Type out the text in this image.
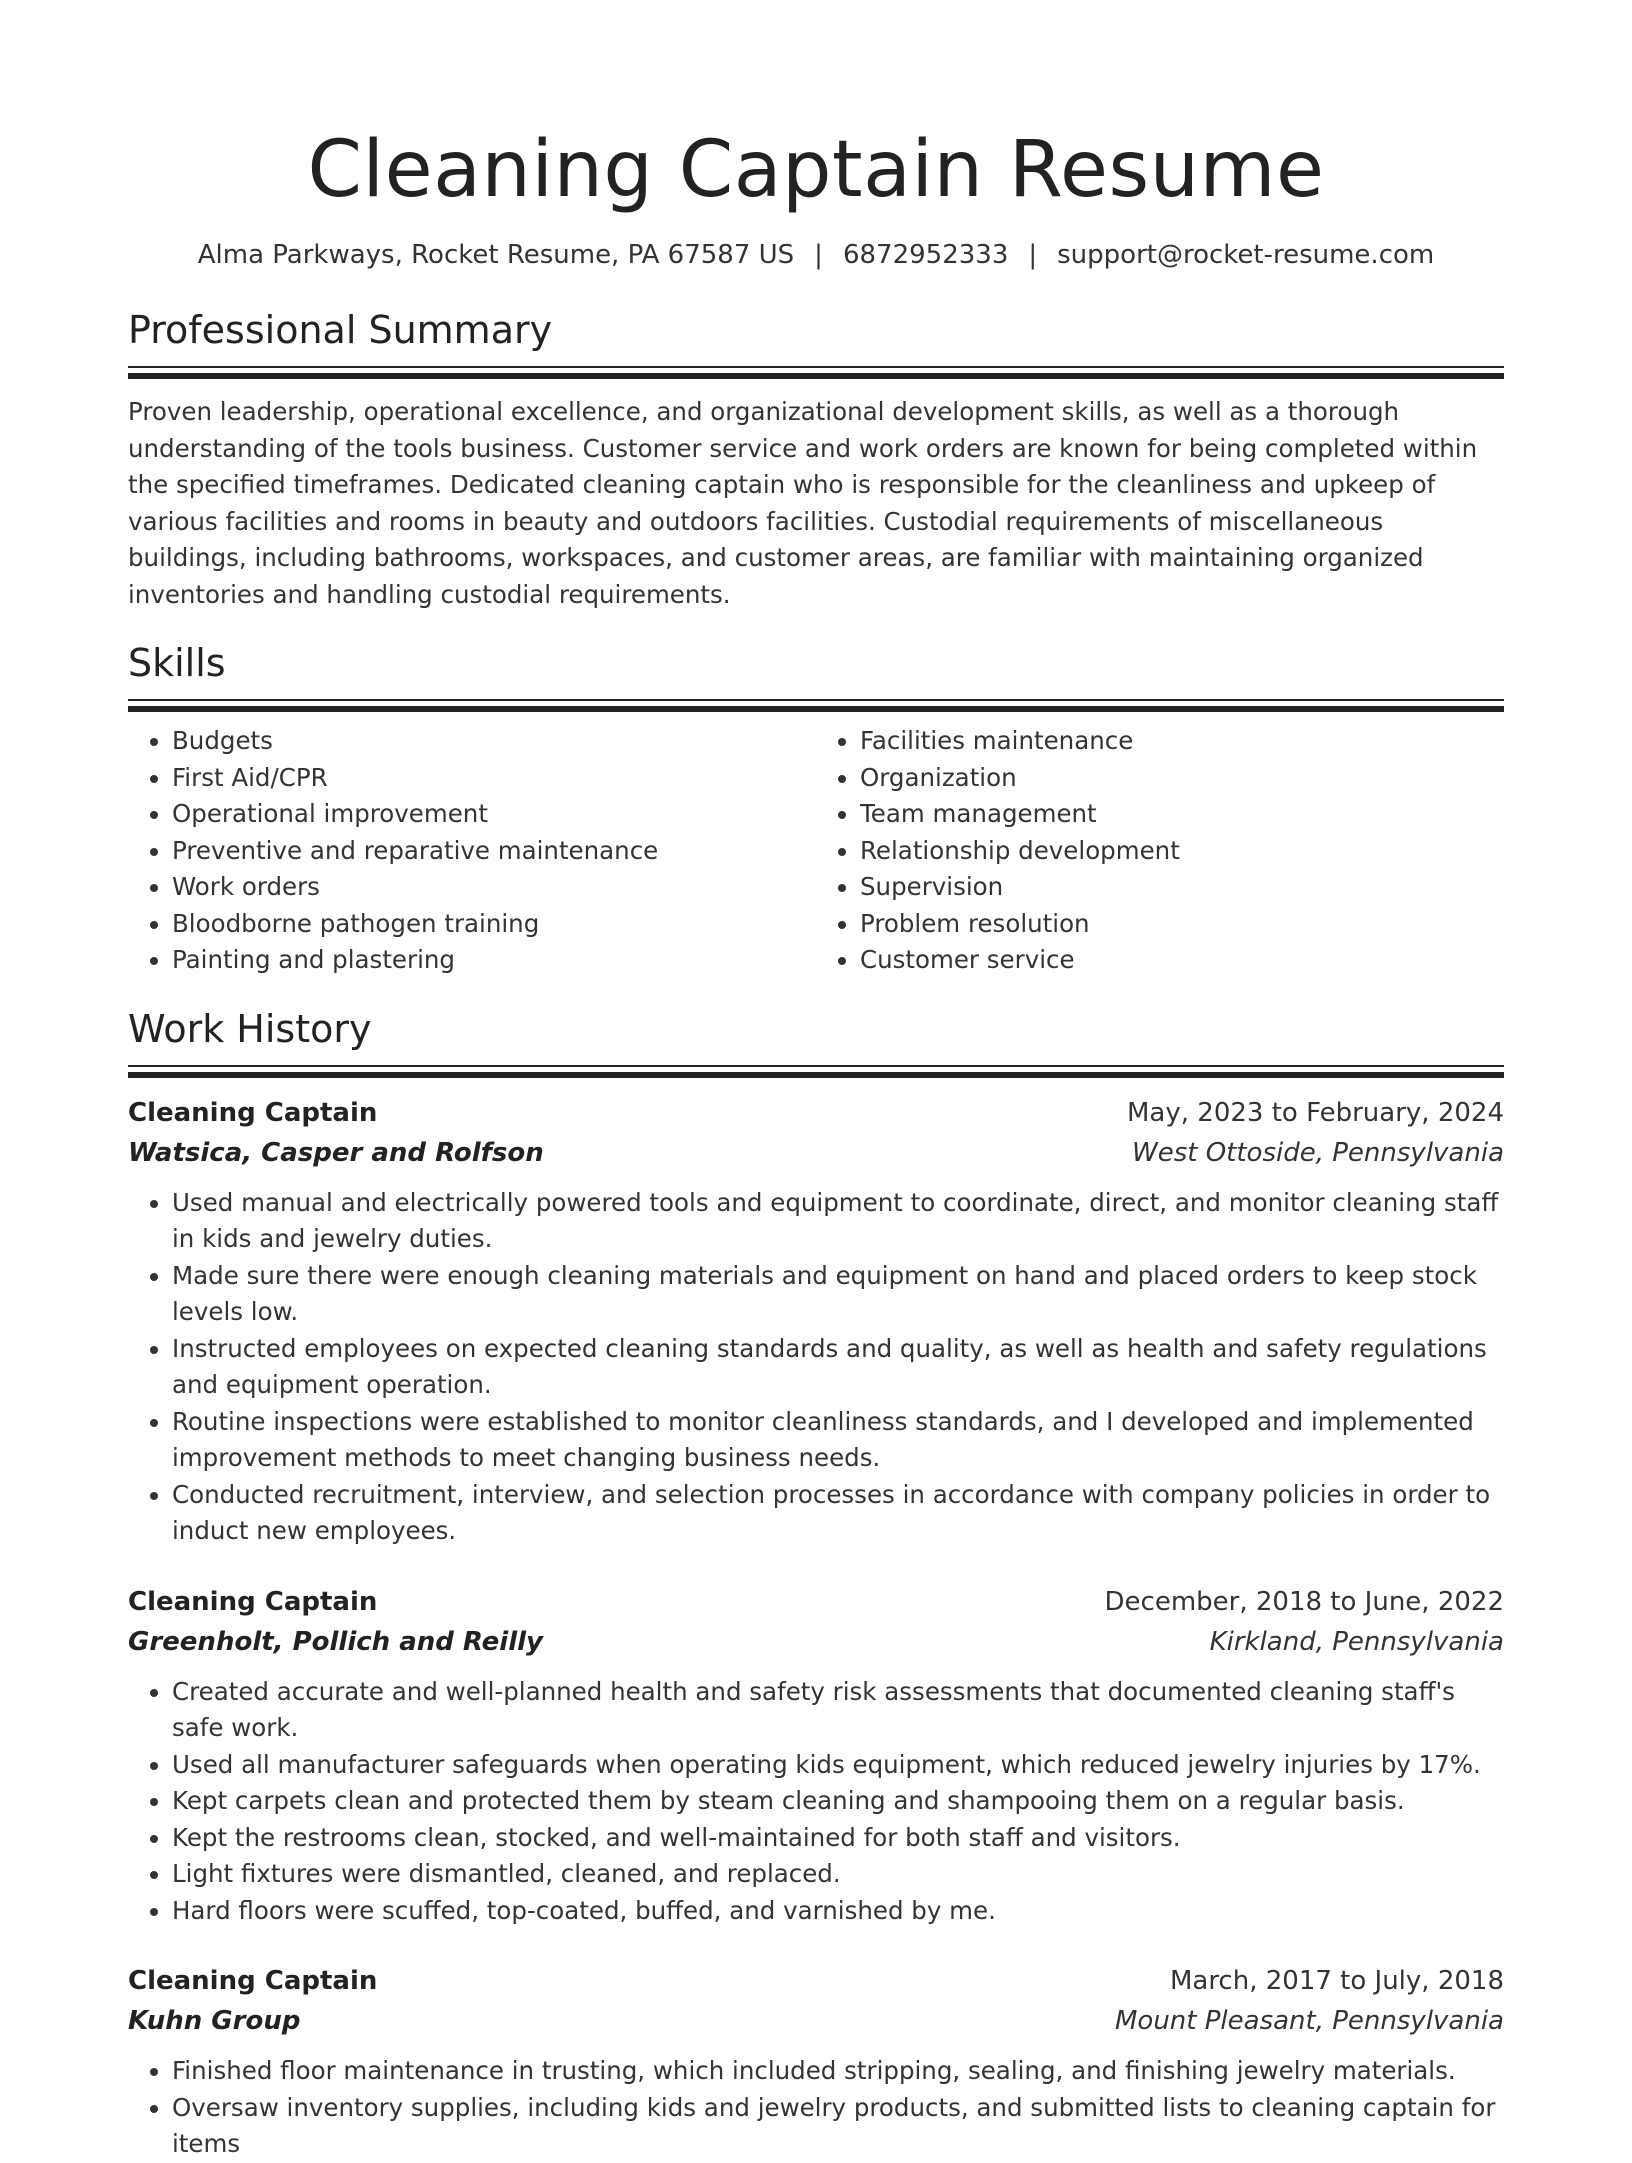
Cleaning Captain Resume
Alma Parkways, Rocket Resume, PA 67587 US | 6872952333 | support@rocket-resume.com
Professional Summary

Proven leadership, operational excellence, and organizational development skills, as well as a thorough understanding of the tools business. Customer service and work orders are known for being completed within the specified timeframes. Dedicated cleaning captain who is responsible for the cleanliness and upkeep of various facilities and rooms in beauty and outdoors facilities. Custodial requirements of miscellaneous buildings, including bathrooms, workspaces, and customer areas, are familiar with maintaining organized inventories and handling custodial requirements.

Skills
• Budgets
• First Aid/CPR
• Operational improvement
• Preventive and reparative maintenance
• Work orders
• Bloodborne pathogen training
• Painting and plastering
• Facilities maintenance
• Organization
• Team management
• Relationship development
• Supervision
• Problem resolution
• Customer service
Work History
Cleaning Captain	May, 2023 to February, 2024
Watsica, Casper and Rolfson	West Ottoside, Pennsylvania
• Used manual and electrically powered tools and equipment to coordinate, direct, and monitor cleaning staff in kids and jewelry duties.
• Made sure there were enough cleaning materials and equipment on hand and placed orders to keep stock levels low.
• Instructed employees on expected cleaning standards and quality, as well as health and safety regulations and equipment operation.
• Routine inspections were established to monitor cleanliness standards, and I developed and implemented improvement methods to meet changing business needs.
• Conducted recruitment, interview, and selection processes in accordance with company policies in order to induct new employees.
Cleaning Captain	December, 2018 to June, 2022
Greenholt, Pollich and Reilly	Kirkland, Pennsylvania
• Created accurate and well-planned health and safety risk assessments that documented cleaning staff's safe work.
• Used all manufacturer safeguards when operating kids equipment, which reduced jewelry injuries by 17%.
• Kept carpets clean and protected them by steam cleaning and shampooing them on a regular basis.
• Kept the restrooms clean, stocked, and well-maintained for both staff and visitors.
• Light fixtures were dismantled, cleaned, and replaced.
• Hard floors were scuffed, top-coated, buffed, and varnished by me.
Cleaning Captain	March, 2017 to July, 2018
Kuhn Group	Mount Pleasant, Pennsylvania
• Finished floor maintenance in trusting, which included stripping, sealing, and finishing jewelry materials.
• Oversaw inventory supplies, including kids and jewelry products, and submitted lists to cleaning captain for items
